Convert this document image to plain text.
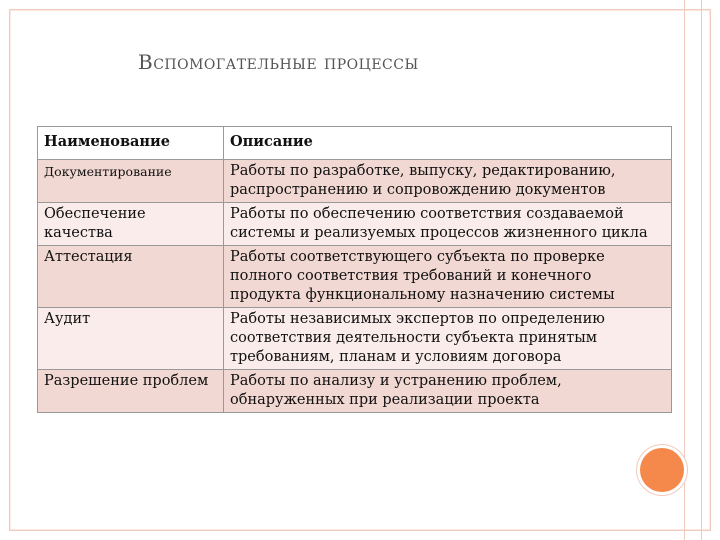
Вспомогательные процессы
Наименование	Описание
Документирование	Работы по разработке, выпуску, редактированию, распространению и сопровождению документов
Обеспечение качества	Работы по обеспечению соответствия создаваемой системы и реализуемых процессов жизненного цикла
Аттестация	Работы соответствующего субъекта по проверке полного соответствия требований и конечного продукта функциональному назначению системы
Аудит	Работы независимых экспертов по определению соответствия деятельности субъекта принятым требованиям, планам и условиям договора
Разрешение проблем	Работы по анализу и устранению проблем, обнаруженных при реализации проекта
